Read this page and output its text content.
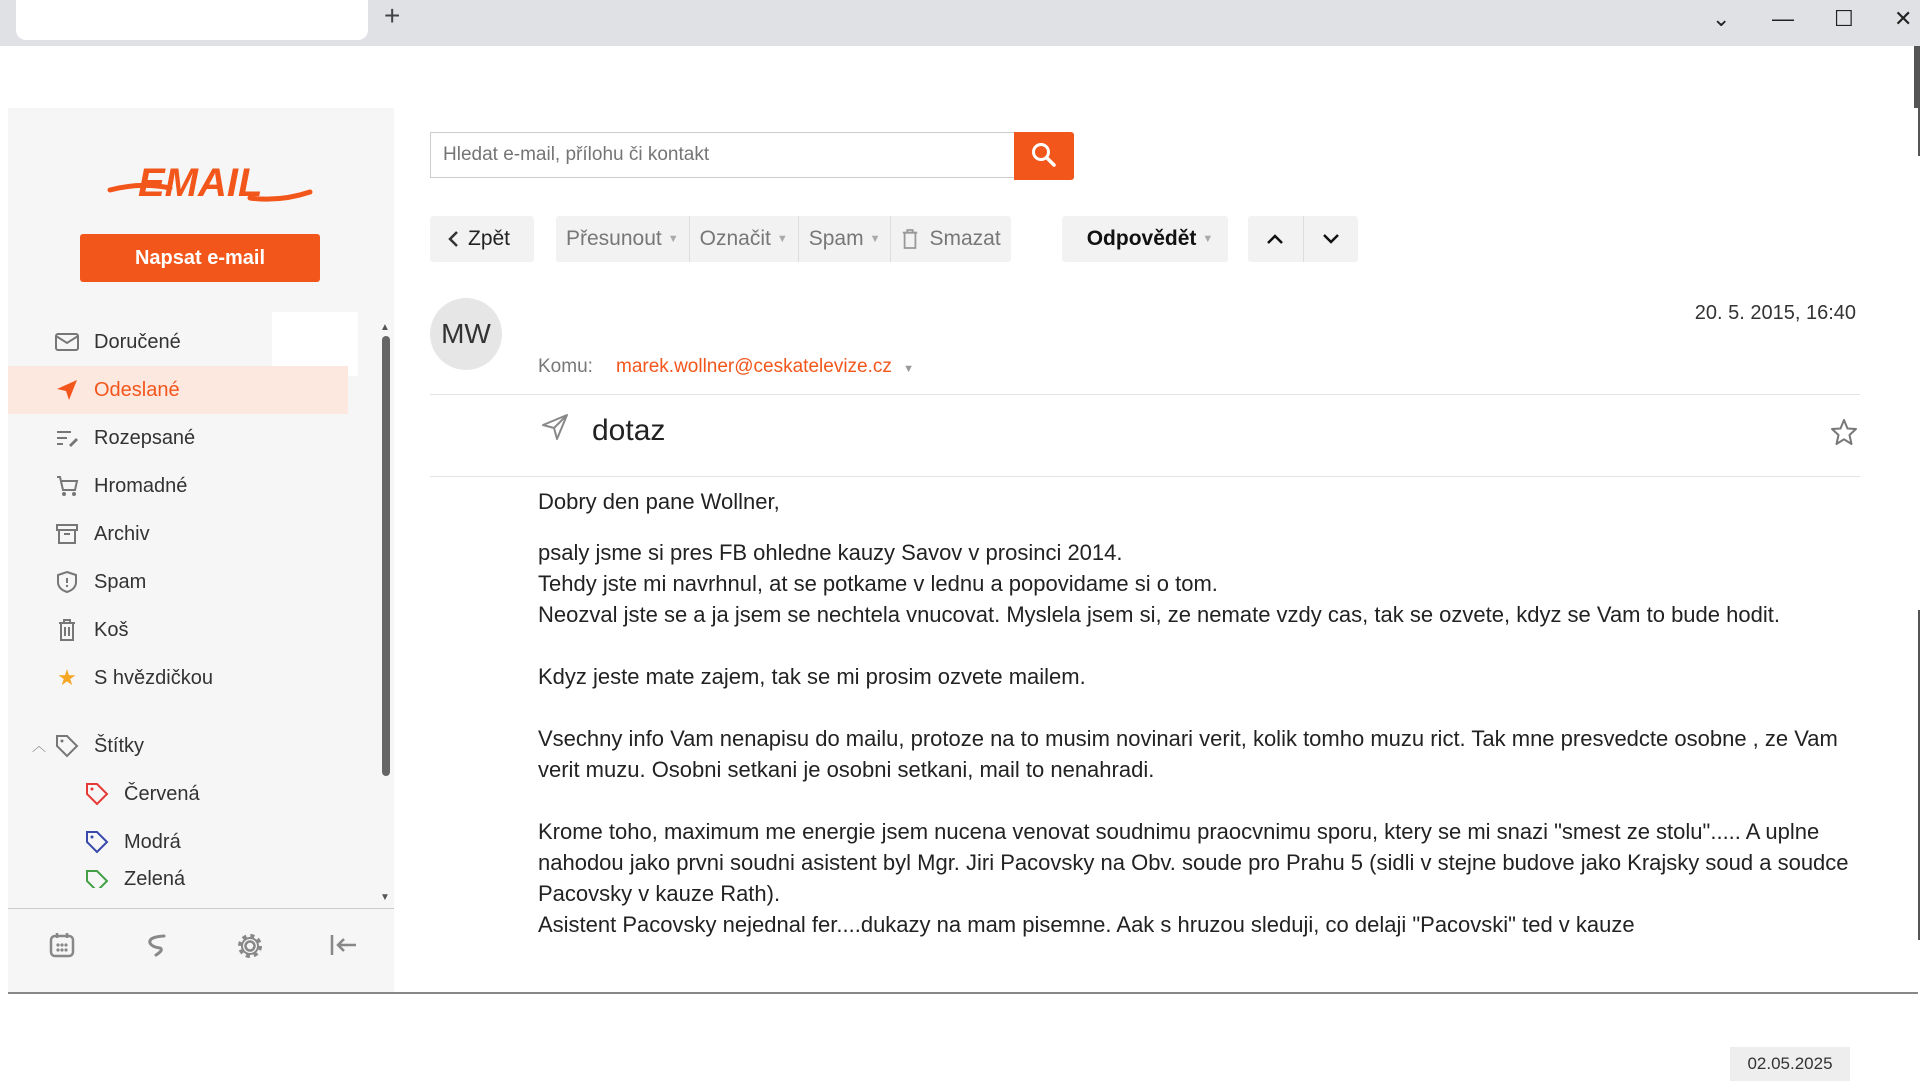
+	⌄ — ☐ ✕
EMAIL
Napsat e-mail
Doručené
Odeslané
Rozepsané
Hromadné
Archiv
Spam
Koš
★ S hvězdičkou
︿	Štítky
Červená
Modrá
Zelená
▲
▼
Hledat e-mail, přílohu či kontakt
Zpět	Přesunout ▼ Označit ▼ Spam ▼ Smazat	Odpovědět ▼
MW
20. 5. 2015, 16:40
Komu: marek.wollner@ceskatelevize.cz ▼
dotaz

Dobry den pane Wollner,

psaly jsme si pres FB ohledne kauzy Savov v prosinci 2014.
Tehdy jste mi navrhnul, at se potkame v lednu a popovidame si o tom.
Neozval jste se a ja jsem se nechtela vnucovat. Myslela jsem si, ze nemate vzdy cas, tak se ozvete, kdyz se Vam to bude hodit.

Kdyz jeste mate zajem, tak se mi prosim ozvete mailem.

Vsechny info Vam nenapisu do mailu, protoze na to musim novinari verit, kolik tomho muzu rict. Tak mne presvedcte osobne , ze Vam verit muzu. Osobni setkani je osobni setkani, mail to nenahradi.

Krome toho, maximum me energie jsem nucena venovat soudnimu praocvnimu sporu, ktery se mi snazi "smest ze stolu"..... A uplne nahodou jako prvni soudni asistent byl Mgr. Jiri Pacovsky na Obv. soude pro Prahu 5 (sidli v stejne budove jako Krajsky soud a soudce Pacovsky v kauze Rath).
Asistent Pacovsky nejednal fer....dukazy na mam pisemne. Aak s hruzou sleduji, co delaji "Pacovski" ted v kauze

02.05.2025
